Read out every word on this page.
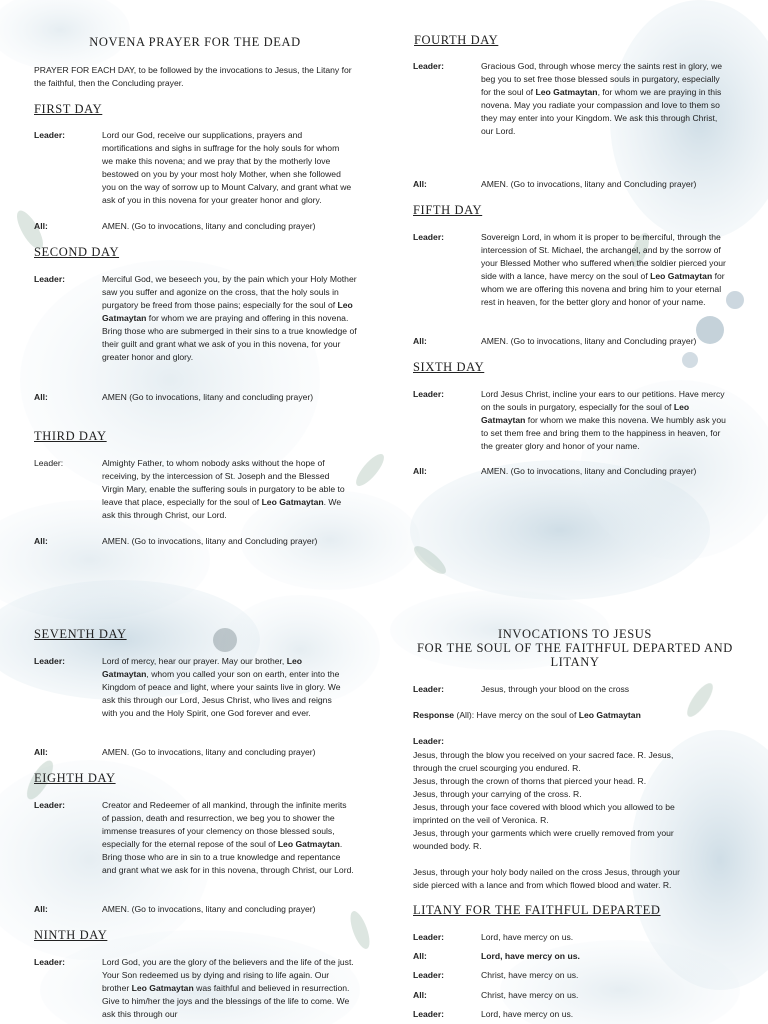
NOVENA PRAYER FOR THE DEAD
PRAYER FOR EACH DAY, to be followed by the invocations to Jesus, the Litany for the faithful, then the Concluding prayer.
FIRST DAY
Leader:	Lord our God, receive our supplications, prayers and mortifications and sighs in suffrage for the holy souls for whom we make this novena; and we pray that by the motherly love bestowed on you by your most holy Mother, when she followed you on the way of sorrow up to Mount Calvary, and grant what we ask of you in this novena for your greater honor and glory.
All:	AMEN. (Go to invocations, litany and concluding prayer)
SECOND DAY
Leader:	Merciful God, we beseech you, by the pain which your Holy Mother saw you suffer and agonize on the cross, that the holy souls in purgatory be freed from those pains; especially for the soul of Leo Gatmaytan for whom we are praying and offering in this novena. Bring those who are submerged in their sins to a true knowledge of their guilt and grant what we ask of you in this novena, for your greater honor and glory.
All:	AMEN (Go to invocations, litany and concluding prayer)
THIRD DAY
Leader:	Almighty Father, to whom nobody asks without the hope of receiving, by the intercession of St. Joseph and the Blessed Virgin Mary, enable the suffering souls in purgatory to be able to leave that place, especially for the soul of Leo Gatmaytan. We ask this through Christ, our Lord.
All:	AMEN. (Go to invocations, litany and Concluding prayer)
FOURTH DAY
Leader:	Gracious God, through whose mercy the saints rest in glory, we beg you to set free those blessed souls in purgatory, especially for the soul of Leo Gatmaytan, for whom we are praying in this novena. May you radiate your compassion and love to them so they may enter into your Kingdom. We ask this through Christ, our Lord.
All:	AMEN. (Go to invocations, litany and Concluding prayer)
FIFTH DAY
Leader:	Sovereign Lord, in whom it is proper to be merciful, through the intercession of St. Michael, the archangel, and by the sorrow of your Blessed Mother who suffered when the soldier pierced your side with a lance, have mercy on the soul of Leo Gatmaytan for whom we are offering this novena and bring him to your eternal rest in heaven, for the better glory and honor of your name.
All:	AMEN. (Go to invocations, litany and Concluding prayer)
SIXTH DAY
Leader:	Lord Jesus Christ, incline your ears to our petitions. Have mercy on the souls in purgatory, especially for the soul of Leo Gatmaytan for whom we make this novena. We humbly ask you to set them free and bring them to the happiness in heaven, for the greater glory and honor of your name.
All:	AMEN. (Go to invocations, litany and Concluding prayer)
SEVENTH DAY
Leader:	Lord of mercy, hear our prayer. May our brother, Leo Gatmaytan, whom you called your son on earth, enter into the Kingdom of peace and light, where your saints live in glory. We ask this through our Lord, Jesus Christ, who lives and reigns with you and the Holy Spirit, one God forever and ever.
All:	AMEN. (Go to invocations, litany and concluding prayer)
EIGHTH DAY
Leader:	Creator and Redeemer of all mankind, through the infinite merits of passion, death and resurrection, we beg you to shower the immense treasures of your clemency on those blessed souls, especially for the eternal repose of the soul of Leo Gatmaytan. Bring those who are in sin to a true knowledge and repentance and grant what we ask for in this novena, through Christ, our Lord.
All:	AMEN. (Go to invocations, litany and concluding prayer)
NINTH DAY
Leader:	Lord God, you are the glory of the believers and the life of the just. Your Son redeemed us by dying and rising to life again. Our brother Leo Gatmaytan was faithful and believed in resurrection. Give to him/her the joys and the blessings of the life to come. We ask this through our
INVOCATIONS TO JESUS
FOR THE SOUL OF THE FAITHFUL DEPARTED AND
LITANY
Leader:	Jesus, through your blood on the cross
Response (All): Have mercy on the soul of Leo Gatmaytan
Leader:
Jesus, through the blow you received on your sacred face. R. Jesus,
through the cruel scourging you endured. R.
Jesus, through the crown of thorns that pierced your head. R.
Jesus, through your carrying of the cross. R.
Jesus, through your face covered with blood which you allowed to be
imprinted on the veil of Veronica. R.
Jesus, through your garments which were cruelly removed from your
wounded body. R.
Jesus, through your holy body nailed on the cross Jesus, through your
side pierced with a lance and from which flowed blood and water. R.
LITANY FOR THE FAITHFUL DEPARTED
Leader:	Lord, have mercy on us.
All:	Lord, have mercy on us.
Leader:	Christ, have mercy on us.
All:	Christ, have mercy on us.
Leader:	Lord, have mercy on us.
